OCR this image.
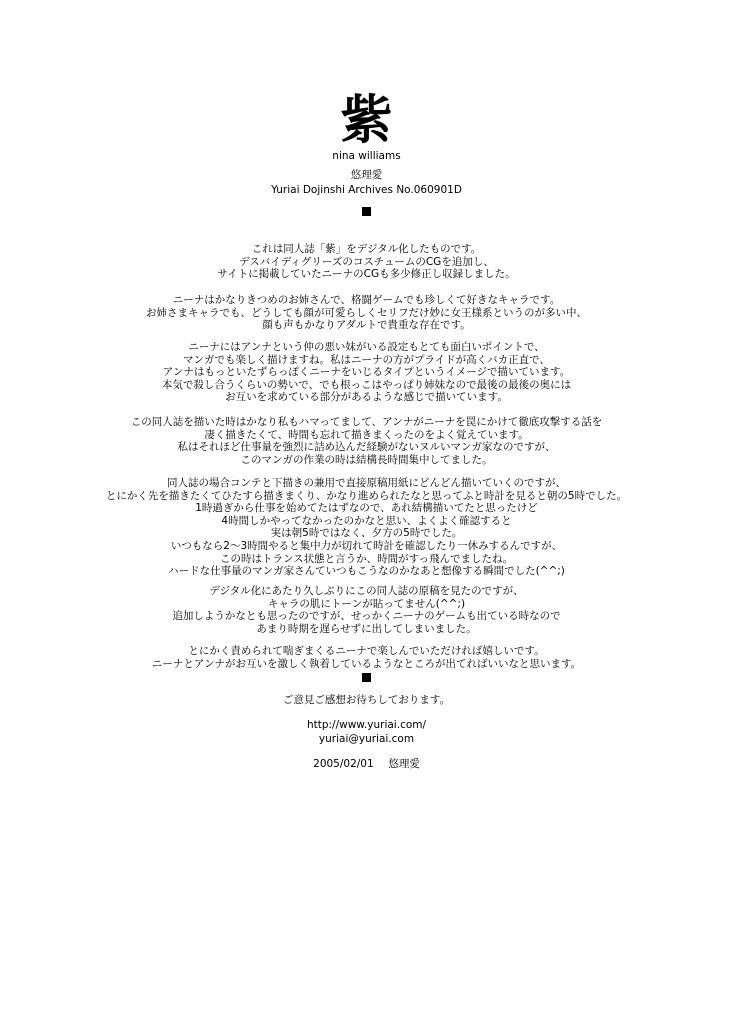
紫
nina williams
悠理愛
Yuriai Dojinshi Archives No.060901D
これは同人誌「紫」をデジタル化したものです。
デスバイディグリーズのコスチュームのCGを追加し、
サイトに掲載していたニーナのCGも多少修正し収録しました。
ニーナはかなりきつめのお姉さんで、格闘ゲームでも珍しくて好きなキャラです。
お姉さまキャラでも、どうしても顔が可愛らしくセリフだけ妙に女王様系というのが多い中、
顔も声もかなりアダルトで貴重な存在です。
ニーナにはアンナという仲の悪い妹がいる設定もとても面白いポイントで、
マンガでも楽しく描けますね。私はニーナの方がプライドが高くバカ正直で、
アンナはもっといたずらっぽくニーナをいじるタイプというイメージで描いています。
本気で殺し合うくらいの勢いで、でも根っこはやっぱり姉妹なので最後の最後の奥には
お互いを求めている部分があるような感じで描いています。
この同人誌を描いた時はかなり私もハマってまして、アンナがニーナを罠にかけて徹底攻撃する話を
凄く描きたくて、時間も忘れて描きまくったのをよく覚えています。
私はそれほど仕事量を強烈に詰め込んだ経験がないヌルいマンガ家なのですが、
このマンガの作業の時は結構長時間集中してました。
同人誌の場合コンテと下描きの兼用で直接原稿用紙にどんどん描いていくのですが、
とにかく先を描きたくてひたすら描きまくり、かなり進められたなと思ってふと時計を見ると朝の5時でした。
1時過ぎから仕事を始めてたはずなので、あれ結構描いてたと思ったけど
4時間しかやってなかったのかなと思い、よくよく確認すると
実は朝5時ではなく、夕方の5時でした。
いつもなら2～3時間やると集中力が切れて時計を確認したり一休みするんですが、
この時はトランス状態と言うか、時間がすっ飛んでましたね。
ハードな仕事量のマンガ家さんていつもこうなのかなあと想像する瞬間でした(^^;)
デジタル化にあたり久しぶりにこの同人誌の原稿を見たのですが、
キャラの肌にトーンが貼ってません(^^;)
追加しようかなとも思ったのですが、せっかくニーナのゲームも出ている時なので
あまり時期を遅らせずに出してしまいました。
とにかく責められて喘ぎまくるニーナで楽しんでいただければ嬉しいです。
ニーナとアンナがお互いを激しく執着しているようなところが出てればいいなと思います。
ご意見ご感想お待ちしております。
http://www.yuriai.com/
yuriai@yuriai.com
2005/02/01 悠理愛
